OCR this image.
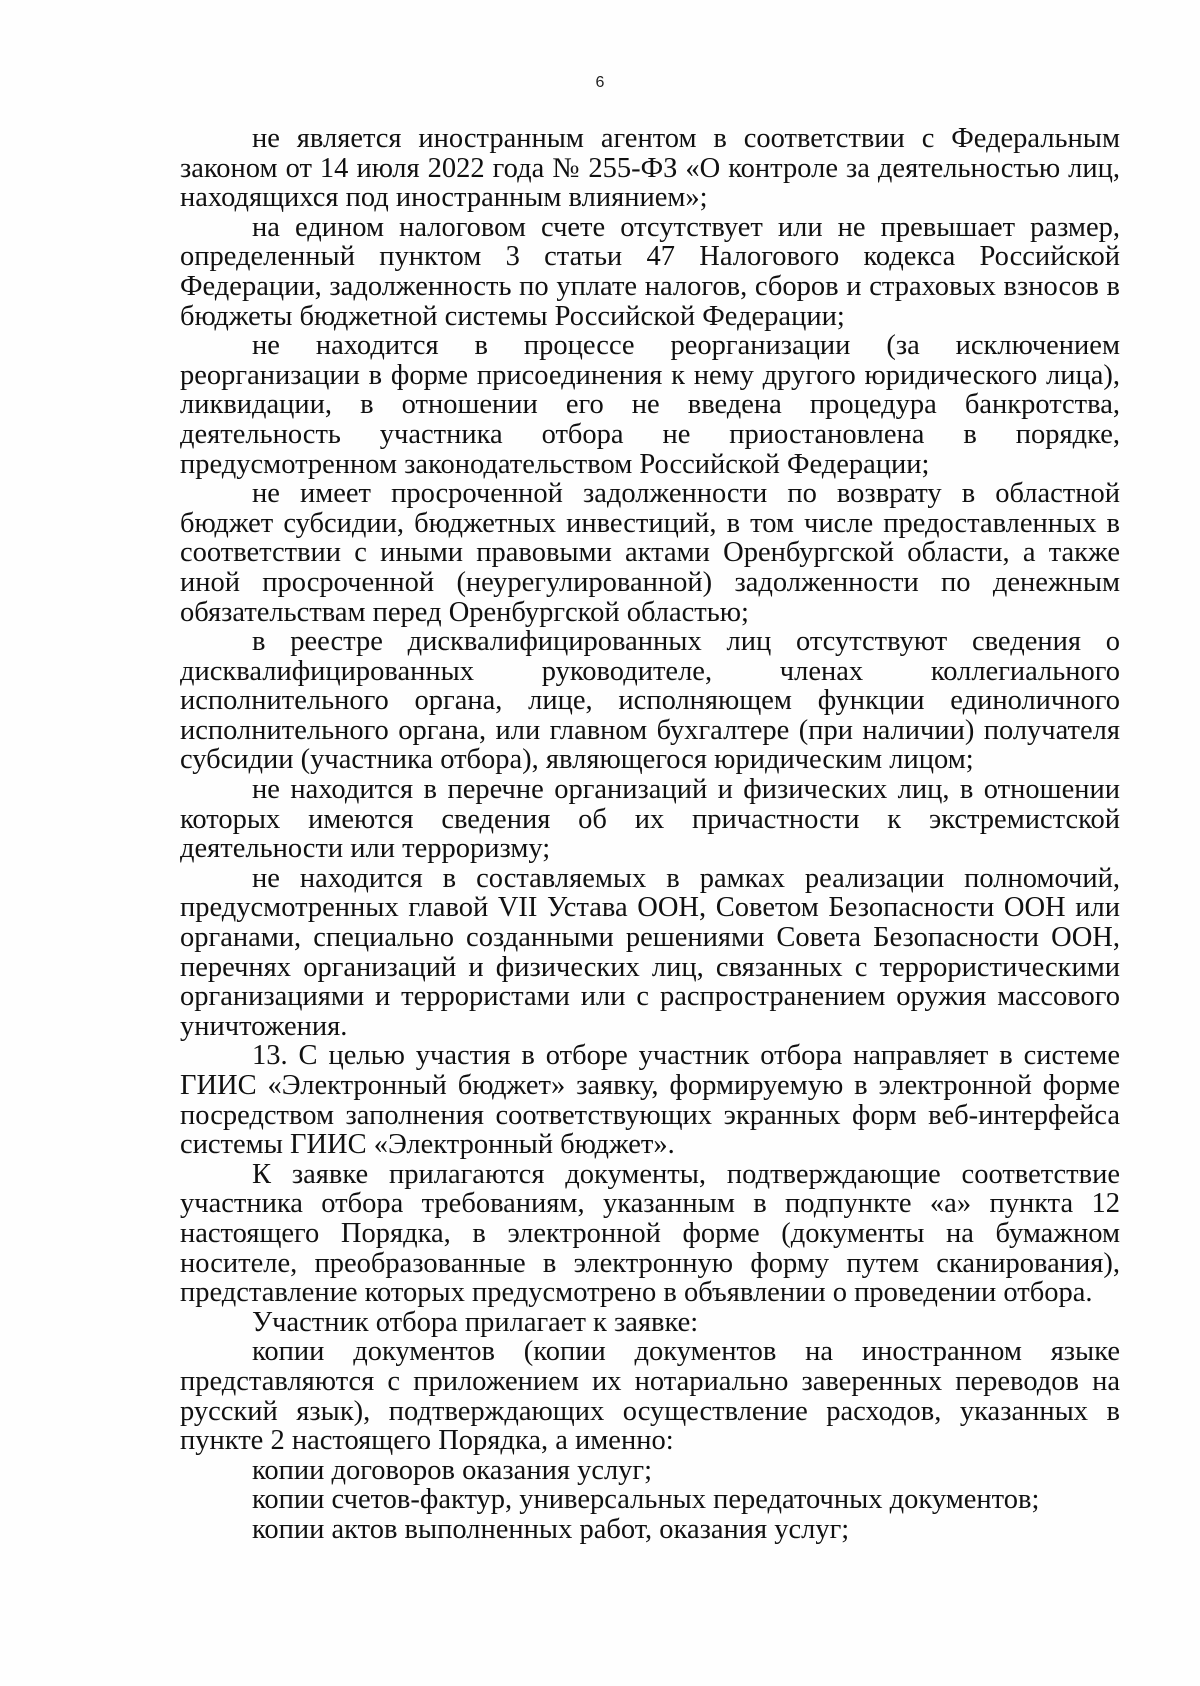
6

не является иностранным агентом в соответствии с Федеральным законом от 14 июля 2022 года № 255-ФЗ «О контроле за деятельностью лиц, находящихся под иностранным влиянием»;

на едином налоговом счете отсутствует или не превышает размер, определенный пунктом 3 статьи 47 Налогового кодекса Российской Федерации, задолженность по уплате налогов, сборов и страховых взносов в бюджеты бюджетной системы Российской Федерации;

не находится в процессе реорганизации (за исключением реорганизации в форме присоединения к нему другого юридического лица), ликвидации, в отношении его не введена процедура банкротства, деятельность участника отбора не приостановлена в порядке, предусмотренном законодательством Российской Федерации;

не имеет просроченной задолженности по возврату в областной бюджет субсидии, бюджетных инвестиций, в том числе предоставленных в соответствии с иными правовыми актами Оренбургской области, а также иной просроченной (неурегулированной) задолженности по денежным обязательствам перед Оренбургской областью;

в реестре дисквалифицированных лиц отсутствуют сведения о дисквалифицированных руководителе, членах коллегиального исполнительного органа, лице, исполняющем функции единоличного исполнительного органа, или главном бухгалтере (при наличии) получателя субсидии (участника отбора), являющегося юридическим лицом;

не находится в перечне организаций и физических лиц, в отношении которых имеются сведения об их причастности к экстремистской деятельности или терроризму;

не находится в составляемых в рамках реализации полномочий, предусмотренных главой VII Устава ООН, Советом Безопасности ООН или органами, специально созданными решениями Совета Безопасности ООН, перечнях организаций и физических лиц, связанных с террористическими организациями и террористами или с распространением оружия массового уничтожения.

13. С целью участия в отборе участник отбора направляет в системе ГИИС «Электронный бюджет» заявку, формируемую в электронной форме посредством заполнения соответствующих экранных форм веб-интерфейса системы ГИИС «Электронный бюджет».

К заявке прилагаются документы, подтверждающие соответствие участника отбора требованиям, указанным в подпункте «а» пункта 12 настоящего Порядка, в электронной форме (документы на бумажном носителе, преобразованные в электронную форму путем сканирования), представление которых предусмотрено в объявлении о проведении отбора.

Участник отбора прилагает к заявке:

копии документов (копии документов на иностранном языке представляются с приложением их нотариально заверенных переводов на русский язык), подтверждающих осуществление расходов, указанных в пункте 2 настоящего Порядка, а именно:

копии договоров оказания услуг;

копии счетов-фактур, универсальных передаточных документов;

копии актов выполненных работ, оказания услуг;
